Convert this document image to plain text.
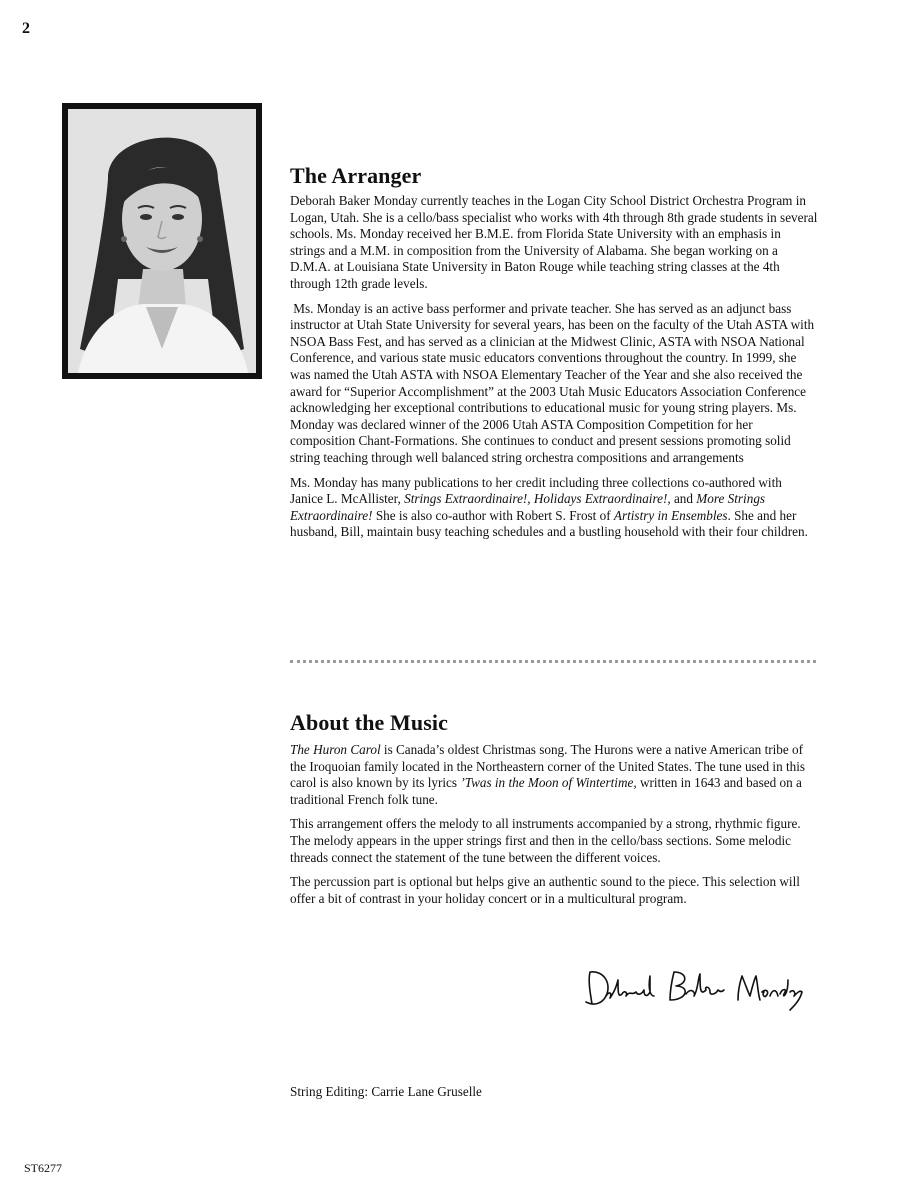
2
The Arranger

Deborah Baker Monday currently teaches in the Logan City School District Orchestra Program in Logan, Utah. She is a cello/bass specialist who works with 4th through 8th grade students in several schools. Ms. Monday received her B.M.E. from Florida State University with an emphasis in strings and a M.M. in composition from the University of Alabama. She began working on a D.M.A. at Louisiana State University in Baton Rouge while teaching string classes at the 4th through 12th grade levels.

Ms. Monday is an active bass performer and private teacher. She has served as an adjunct bass instructor at Utah State University for several years, has been on the faculty of the Utah ASTA with NSOA Bass Fest, and has served as a clinician at the Midwest Clinic, ASTA with NSOA National Conference, and various state music educators conventions throughout the country. In 1999, she was named the Utah ASTA with NSOA Elementary Teacher of the Year and she also received the award for “Superior Accomplishment” at the 2003 Utah Music Educators Association Conference acknowledging her exceptional contributions to educational music for young string players. Ms. Monday was declared winner of the 2006 Utah ASTA Composition Competition for her composition Chant-Formations. She continues to conduct and present sessions promoting solid string teaching through well balanced string orchestra compositions and arrangements

Ms. Monday has many publications to her credit including three collections co-authored with Janice L. McAllister, Strings Extraordinaire!, Holidays Extraordinaire!, and More Strings Extraordinaire! She is also co-author with Robert S. Frost of Artistry in Ensembles. She and her husband, Bill, maintain busy teaching schedules and a bustling household with their four children.

About the Music

The Huron Carol is Canada’s oldest Christmas song. The Hurons were a native American tribe of the Iroquoian family located in the Northeastern corner of the United States. The tune used in this carol is also known by its lyrics ’Twas in the Moon of Wintertime, written in 1643 and based on a traditional French folk tune.

This arrangement offers the melody to all instruments accompanied by a strong, rhythmic figure. The melody appears in the upper strings first and then in the cello/bass sections. Some melodic threads connect the statement of the tune between the different voices.

The percussion part is optional but helps give an authentic sound to the piece. This selection will offer a bit of contrast in your holiday concert or in a multicultural program.

String Editing: Carrie Lane Gruselle
ST6277
